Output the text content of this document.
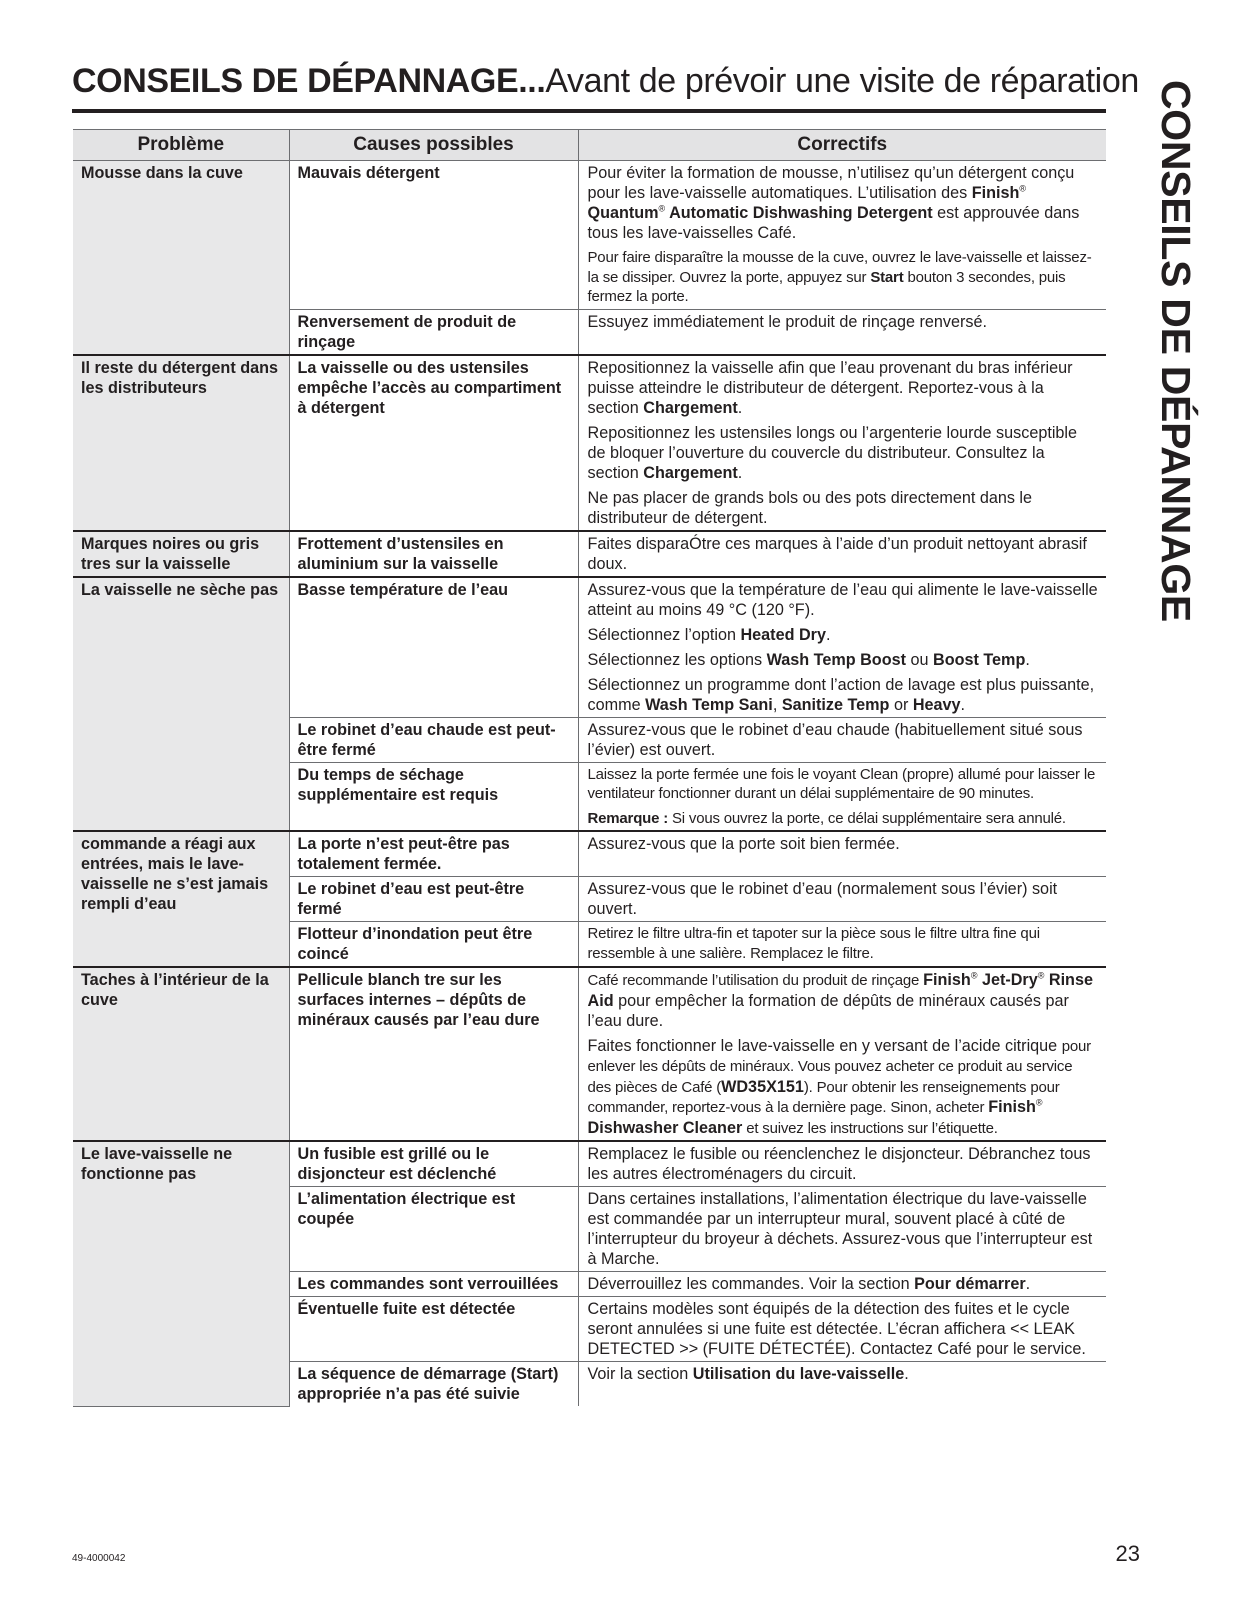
CONSEILS DE DÉPANNAGE...Avant de prévoir une visite de réparation CONSEILS DE DÉPANNAGE
Problème	Causes possibles	Correctifs
Mousse dans la cuve	Mauvais détergent	Pour éviter la formation de mousse, n’utilisez qu’un détergent conçu pour les lave-vaisselle automatiques. L’utilisation des Finish® Quantum® Automatic Dishwashing Detergent est approuvée dans tous les lave-vaisselles Café.

Pour faire disparaître la mousse de la cuve, ouvrez le lave-vaisselle et laissez-la se dissiper. Ouvrez la porte, appuyez sur Start bouton 3 secondes, puis fermez la porte.

	Renversement de produit de rinçage	Essuyez immédiatement le produit de rinçage renversé.
Il reste du détergent dans les distributeurs	La vaisselle ou des ustensiles empêche l’accès au compartiment à détergent	Repositionnez la vaisselle afin que l’eau provenant du bras inférieur puisse atteindre le distributeur de détergent. Reportez-vous à la section Chargement.

Repositionnez les ustensiles longs ou l’argenterie lourde susceptible de bloquer l’ouverture du couvercle du distributeur. Consultez la section Chargement.

Ne pas placer de grands bols ou des pots directement dans le distributeur de détergent.

Marques noires ou gris tres sur la vaisselle	Frottement d’ustensiles en aluminium sur la vaisselle	Faites disparaÓtre ces marques à l’aide d’un produit nettoyant abrasif doux.
La vaisselle ne sèche pas	Basse température de l’eau	Assurez-vous que la température de l’eau qui alimente le lave-vaisselle atteint au moins 49 °C (120 °F).

Sélectionnez l’option Heated Dry.

Sélectionnez les options Wash Temp Boost ou Boost Temp.

Sélectionnez un programme dont l’action de lavage est plus puissante, comme Wash Temp Sani, Sanitize Temp or Heavy.

	Le robinet d’eau chaude est peut-être fermé	Assurez-vous que le robinet d’eau chaude (habituellement situé sous l’évier) est ouvert.
	Du temps de séchage supplémentaire est requis	Laissez la porte fermée une fois le voyant Clean (propre) allumé pour laisser le ventilateur fonctionner durant un délai supplémentaire de 90 minutes.

Remarque : Si vous ouvrez la porte, ce délai supplémentaire sera annulé.

commande a réagi aux entrées, mais le lave-vaisselle ne s’est jamais rempli d’eau	La porte n’est peut-être pas totalement fermée.	Assurez-vous que la porte soit bien fermée.
	Le robinet d’eau est peut-être fermé	Assurez-vous que le robinet d’eau (normalement sous l’évier) soit ouvert.
	Flotteur d’inondation peut être coincé	Retirez le filtre ultra-fin et tapoter sur la pièce sous le filtre ultra fine qui ressemble à une salière. Remplacez le filtre.

Taches à l’intérieur de la cuve	Pellicule blanch tre sur les surfaces internes – dépûts de minéraux causés par l’eau dure	Café recommande l’utilisation du produit de rinçage Finish® Jet-Dry® Rinse Aid pour empêcher la formation de dépûts de minéraux causés par l’eau dure.

Faites fonctionner le lave-vaisselle en y versant de l’acide citrique pour enlever les dépûts de minéraux. Vous pouvez acheter ce produit au service des pièces de Café (WD35X151). Pour obtenir les renseignements pour commander, reportez-vous à la dernière page. Sinon, acheter Finish® Dishwasher Cleaner et suivez les instructions sur l’étiquette.

Le lave-vaisselle ne fonctionne pas	Un fusible est grillé ou le disjoncteur est déclenché	Remplacez le fusible ou réenclenchez le disjoncteur. Débranchez tous les autres électroménagers du circuit.
	L’alimentation électrique est coupée	Dans certaines installations, l’alimentation électrique du lave-vaisselle est commandée par un interrupteur mural, souvent placé à cûté de l’interrupteur du broyeur à déchets. Assurez-vous que l’interrupteur est à Marche.
	Les commandes sont verrouillées	Déverrouillez les commandes. Voir la section Pour démarrer.
	Éventuelle fuite est détectée	Certains modèles sont équipés de la détection des fuites et le cycle seront annulées si une fuite est détectée. L’écran affichera << LEAK DETECTED >> (FUITE DÉTECTÉE). Contactez Café pour le service.
	La séquence de démarrage (Start) appropriée n’a pas été suivie	Voir la section Utilisation du lave-vaisselle.
49-4000042	23
